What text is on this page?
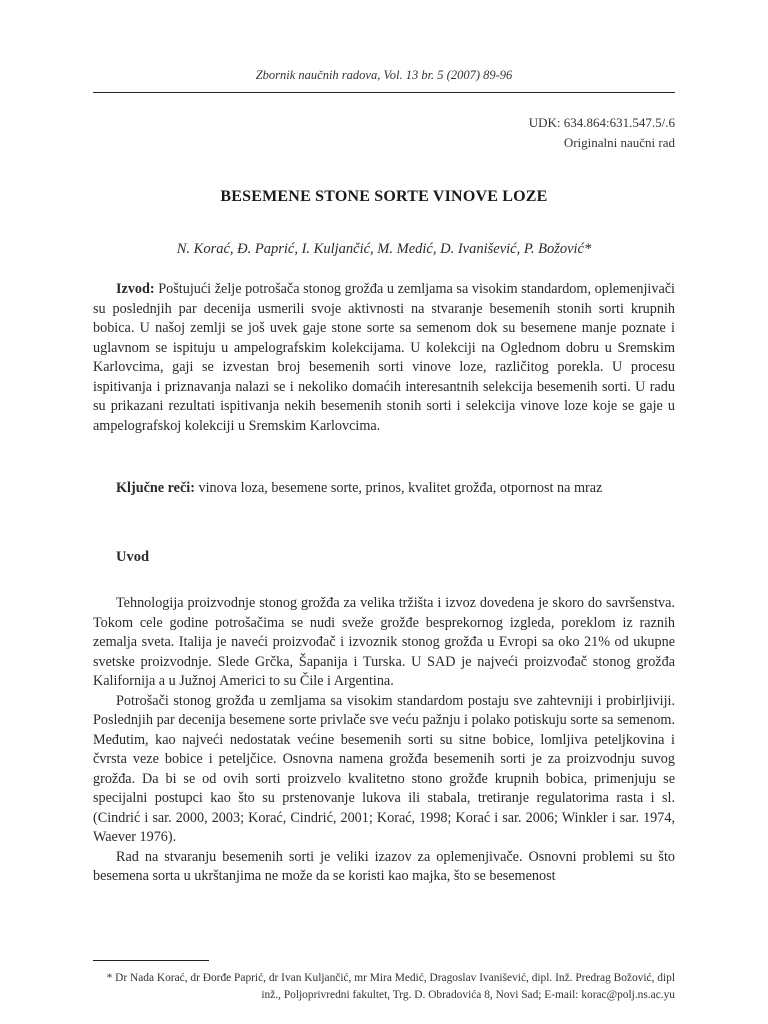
Zbornik naučnih radova, Vol. 13 br. 5 (2007) 89-96
UDK: 634.864:631.547.5/.6
Originalni naučni rad
BESEMENE STONE SORTE VINOVE LOZE
N. Korać, Đ. Paprić, I. Kuljančić, M. Medić, D. Ivanišević, P. Božović*

Izvod: Poštujući želje potrošača stonog grožđa u zemljama sa visokim standardom, oplemenjivači su poslednjih par decenija usmerili svoje aktivnosti na stvaranje besemenih stonih sorti krupnih bobica. U našoj zemlji se još uvek gaje stone sorte sa semenom dok su besemene manje poznate i uglavnom se ispituju u ampelografskim kolekcijama. U kolekciji na Oglednom dobru u Sremskim Karlovcima, gaji se izvestan broj besemenih sorti vinove loze, različitog porekla. U procesu ispitivanja i priznavanja nalazi se i nekoliko domaćih interesantnih selekcija besemenih sorti. U radu su prikazani rezultati ispitivanja nekih besemenih stonih sorti i selekcija vinove loze koje se gaje u ampelografskoj kolekciji u Sremskim Karlovcima.

Ključne reči: vinova loza, besemene sorte, prinos, kvalitet grožđa, otpornost na mraz

Uvod

Tehnologija proizvodnje stonog grožđa za velika tržišta i izvoz dovedena je skoro do savršenstva. Tokom cele godine potrošačima se nudi sveže grožđe besprekornog izgleda, poreklom iz raznih zemalja sveta. Italija je naveći proizvođač i izvoznik stonog grožđa u Evropi sa oko 21% od ukupne svetske proizvodnje. Slede Grčka, Šapanija i Turska. U SAD je najveći proizvođač stonog grožđa Kalifornija a u Južnoj Americi to su Čile i Argentina.

Potrošači stonog grožđa u zemljama sa visokim standardom postaju sve zahtevniji i probirljiviji. Poslednjih par decenija besemene sorte privlače sve veću pažnju i polako potiskuju sorte sa semenom. Međutim, kao najveći nedostatak većine besemenih sorti su sitne bobice, lomljiva peteljkovina i čvrsta veze bobice i peteljčice. Osnovna namena grožđa besemenih sorti je za proizvodnju suvog grožđa. Da bi se od ovih sorti proizvelo kvalitetno stono grožđe krupnih bobica, primenjuju se specijalni postupci kao što su prstenovanje lukova ili stabala, tretiranje regulatorima rasta i sl. (Cindrić i sar. 2000, 2003; Korać, Cindrić, 2001; Korać, 1998; Korać i sar. 2006; Winkler i sar. 1974, Waever 1976).

Rad na stvaranju besemenih sorti je veliki izazov za oplemenjivače. Osnovni problemi su što besemena sorta u ukrštanjima ne može da se koristi kao majka, što se besemenost

* Dr Nada Korać, dr Đorđe Paprić, dr Ivan Kuljančić, mr Mira Medić, Dragoslav Ivanišević, dipl. Inž. Predrag Božović, dipl inž., Poljoprivredni fakultet, Trg. D. Obradovića 8, Novi Sad; E-mail: korac@polj.ns.ac.yu
